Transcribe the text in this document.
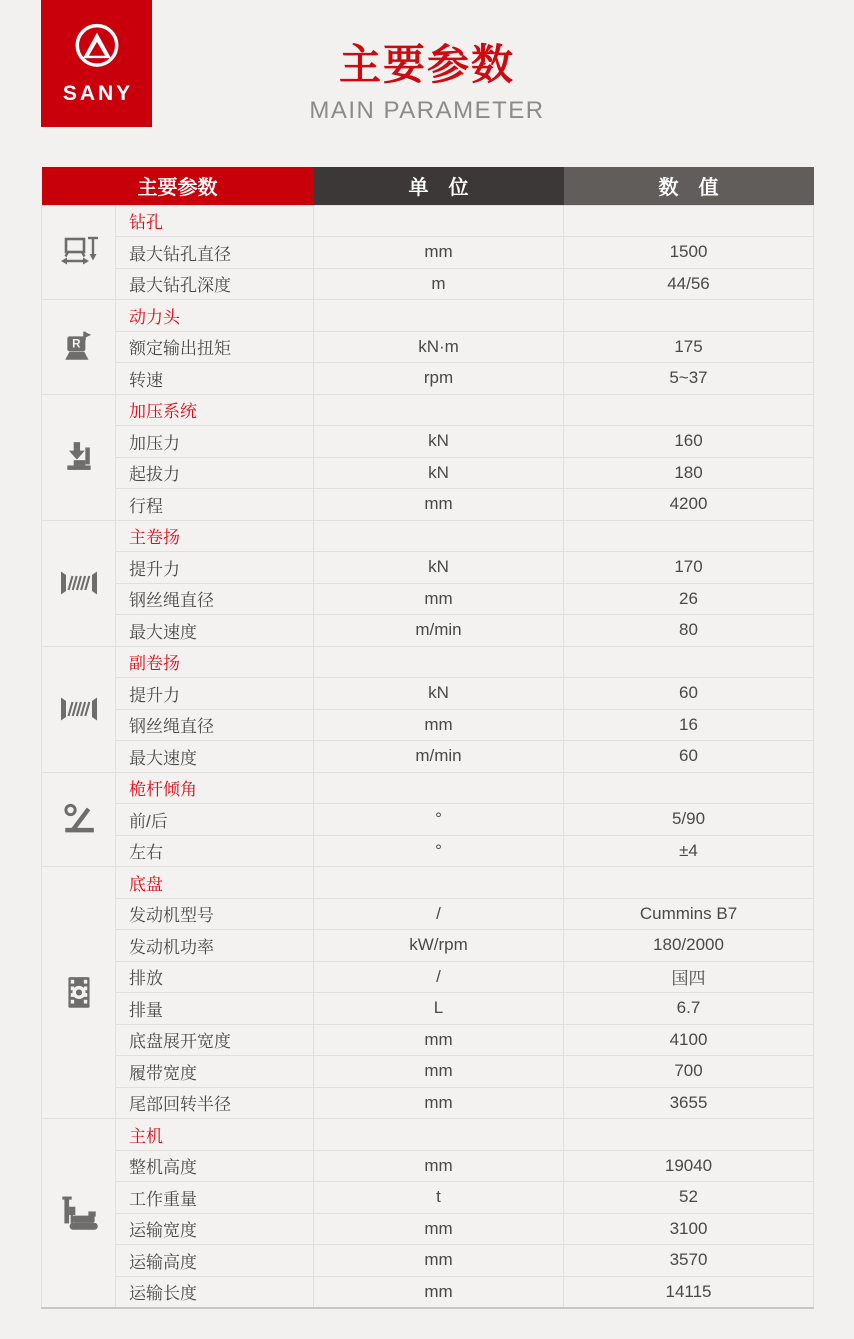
SANY
主要参数
MAIN PARAMETER
主要参数		单　位	数　值
	钻孔		
	最大钻孔直径	mm	1500
	最大钻孔深度	m	44/56

R	动力头		
	额定输出扭矩	kN·m	175
	转速	rpm	5~37
	加压系统		
	加压力	kN	160
	起拔力	kN	180
	行程	mm	4200
	主卷扬		
	提升力	kN	170
	钢丝绳直径	mm	26
	最大速度	m/min	80
	副卷扬		
	提升力	kN	60
	钢丝绳直径	mm	16
	最大速度	m/min	60
	桅杆倾角		
	前/后	°	5/90
	左右	°	±4
	底盘		
	发动机型号	/	Cummins B7
	发动机功率	kW/rpm	180/2000
	排放	/	国四
	排量	L	6.7
	底盘展开宽度	mm	4100
	履带宽度	mm	700
	尾部回转半径	mm	3655
	主机		
	整机高度	mm	19040
	工作重量	t	52
	运输宽度	mm	3100
	运输高度	mm	3570
	运输长度	mm	14115
